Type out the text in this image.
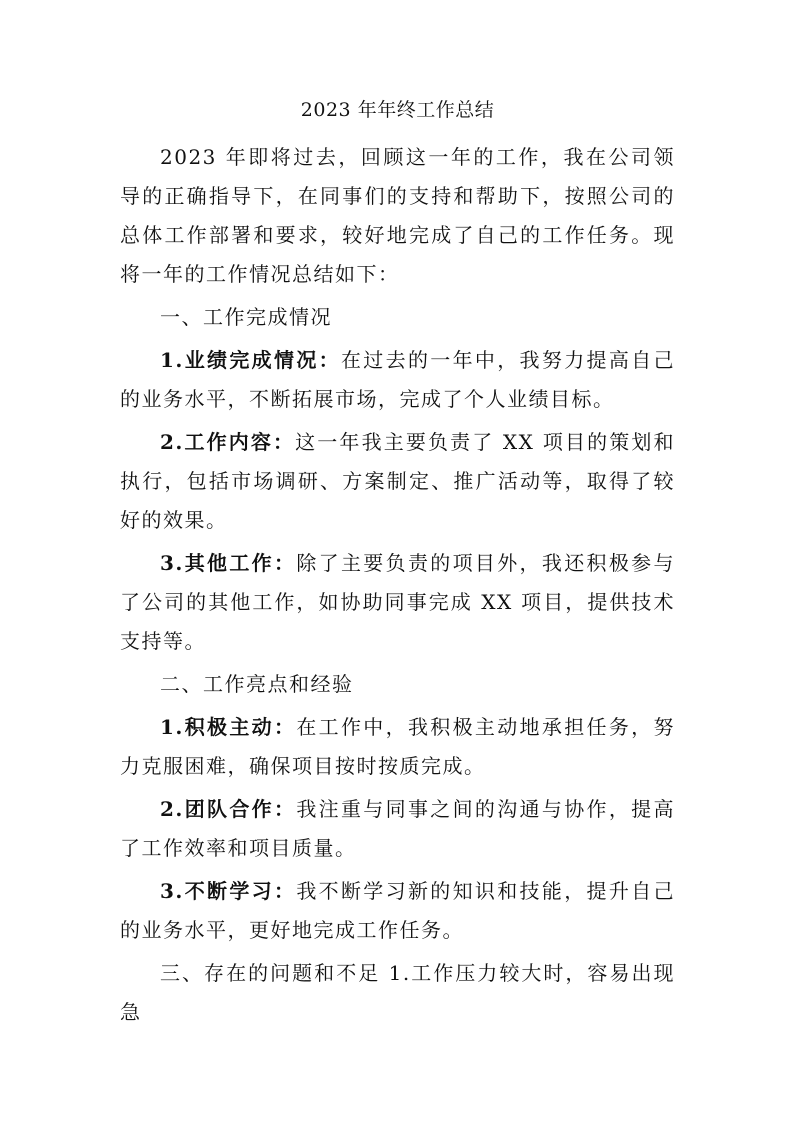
2023 年年终工作总结

2023 年即将过去，回顾这一年的工作，我在公司领导的正确指导下，在同事们的支持和帮助下，按照公司的总体工作部署和要求，较好地完成了自己的工作任务。现将一年的工作情况总结如下：

一、工作完成情况

1.业绩完成情况：在过去的一年中，我努力提高自己的业务水平，不断拓展市场，完成了个人业绩目标。

2.工作内容：这一年我主要负责了 XX 项目的策划和执行，包括市场调研、方案制定、推广活动等，取得了较好的效果。

3.其他工作：除了主要负责的项目外，我还积极参与了公司的其他工作，如协助同事完成 XX 项目，提供技术支持等。

二、工作亮点和经验

1.积极主动：在工作中，我积极主动地承担任务，努力克服困难，确保项目按时按质完成。

2.团队合作：我注重与同事之间的沟通与协作，提高了工作效率和项目质量。

3.不断学习：我不断学习新的知识和技能，提升自己的业务水平，更好地完成工作任务。

三、存在的问题和不足 1.工作压力较大时，容易出现急
